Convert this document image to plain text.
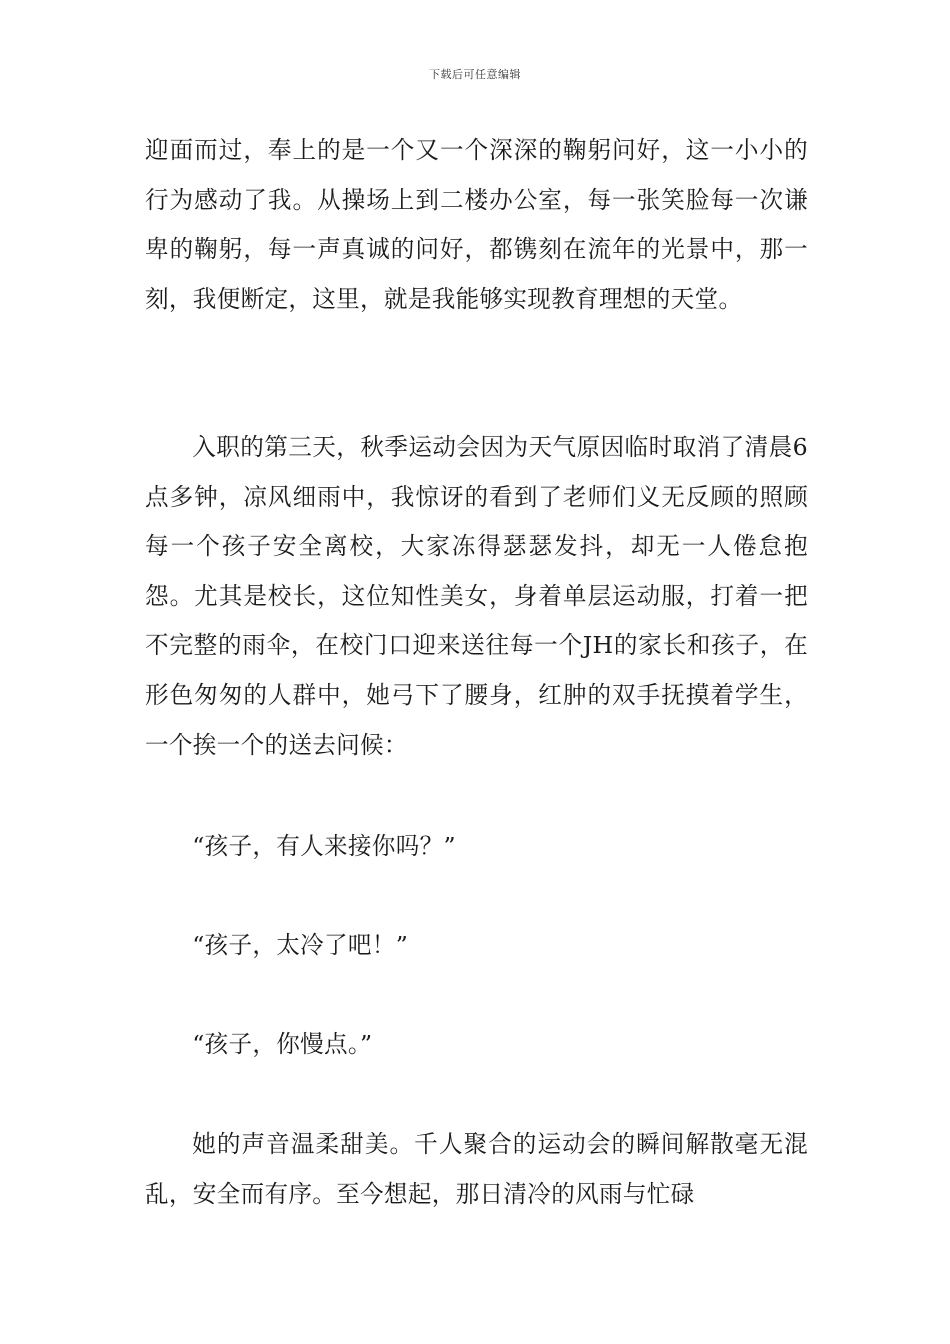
下载后可任意编辑

迎面而过，奉上的是一个又一个深深的鞠躬问好，这一小小的行为感动了我。从操场上到二楼办公室，每一张笑脸每一次谦卑的鞠躬，每一声真诚的问好，都镌刻在流年的光景中，那一刻，我便断定，这里，就是我能够实现教育理想的天堂。

入职的第三天，秋季运动会因为天气原因临时取消了清晨6点多钟，凉风细雨中，我惊讶的看到了老师们义无反顾的照顾每一个孩子安全离校，大家冻得瑟瑟发抖，却无一人倦怠抱怨。尤其是校长，这位知性美女，身着单层运动服，打着一把不完整的雨伞，在校门口迎来送往每一个JH的家长和孩子，在形色匆匆的人群中，她弓下了腰身，红肿的双手抚摸着学生，一个挨一个的送去问候：

“孩子，有人来接你吗？”

“孩子，太冷了吧！”

“孩子，你慢点。”

她的声音温柔甜美。千人聚合的运动会的瞬间解散毫无混乱，安全而有序。至今想起，那日清冷的风雨与忙碌
